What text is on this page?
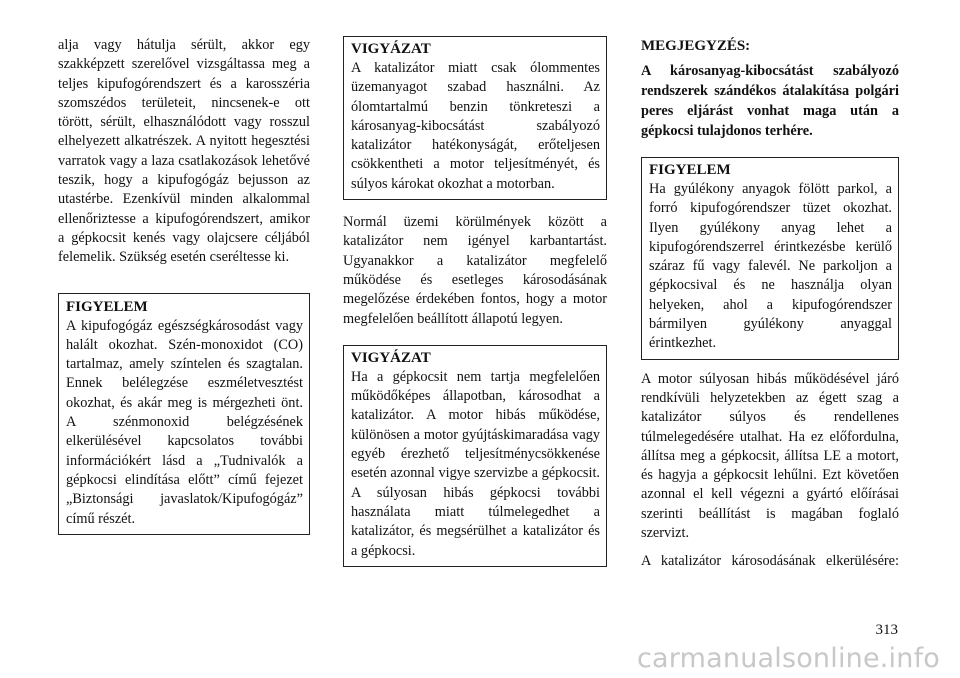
alja vagy hátulja sérült, akkor egy szakképzett szerelővel vizsgáltassa meg a teljes kipufogórendszert és a karosszéria szomszédos területeit, nincsenek-e ott törött, sérült, elhasználódott vagy rosszul elhelyezett alkatrészek. A nyitott hegesztési varratok vagy a laza csatlakozások lehetővé teszik, hogy a kipufogógáz bejusson az utastérbe. Ezenkívül minden alkalommal ellenőriztesse a kipufogórendszert, amikor a gépkocsit kenés vagy olajcsere céljából felemelik. Szükség esetén cseréltesse ki.

FIGYELEM

A kipufogógáz egészségkárosodást vagy halált okozhat. Szén-monoxidot (CO) tartalmaz, amely színtelen és szagtalan. Ennek belélegzése eszméletvesztést okozhat, és akár meg is mérgezheti önt. A szénmonoxid belégzésének elkerülésével kapcsolatos további információkért lásd a „Tudnivalók a gépkocsi elindítása előtt” című fejezet „Biztonsági javaslatok/Kipufogógáz” című részét.

VIGYÁZAT

A katalizátor miatt csak ólommentes üzemanyagot szabad használni. Az ólomtartalmú benzin tönkreteszi a károsanyag-kibocsátást szabályozó katalizátor hatékonyságát, erőteljesen csökkentheti a motor teljesítményét, és súlyos károkat okozhat a motorban.

Normál üzemi körülmények között a katalizátor nem igényel karbantartást. Ugyanakkor a katalizátor megfelelő működése és esetleges károsodásának megelőzése érdekében fontos, hogy a motor megfelelően beállított állapotú legyen.

VIGYÁZAT

Ha a gépkocsit nem tartja megfelelően működőképes állapotban, károsodhat a katalizátor. A motor hibás működése, különösen a motor gyújtáskimaradása vagy egyéb érezhető teljesítménycsökkenése esetén azonnal vigye szervizbe a gépkocsit. A súlyosan hibás gépkocsi további használata miatt túlmelegedhet a katalizátor, és megsérülhet a katalizátor és a gépkocsi.

MEGJEGYZÉS:

A károsanyag-kibocsátást szabályozó rendszerek szándékos átalakítása polgári peres eljárást vonhat maga után a gépkocsi tulajdonos terhére.

FIGYELEM

Ha gyúlékony anyagok fölött parkol, a forró kipufogórendszer tüzet okozhat. Ilyen gyúlékony anyag lehet a kipufogórendszerrel érintkezésbe kerülő száraz fű vagy falevél. Ne parkoljon a gépkocsival és ne használja olyan helyeken, ahol a kipufogórendszer bármilyen gyúlékony anyaggal érintkezhet.

A motor súlyosan hibás működésével járó rendkívüli helyzetekben az égett szag a katalizátor súlyos és rendellenes túlmelegedésére utalhat. Ha ez előfordulna, állítsa meg a gépkocsit, állítsa LE a motort, és hagyja a gépkocsit lehűlni. Ezt követően azonnal el kell végezni a gyártó előírásai szerinti beállítást is magában foglaló szervizt.

A katalizátor károsodásának elkerülésére:

313
carmanualsonline.info
